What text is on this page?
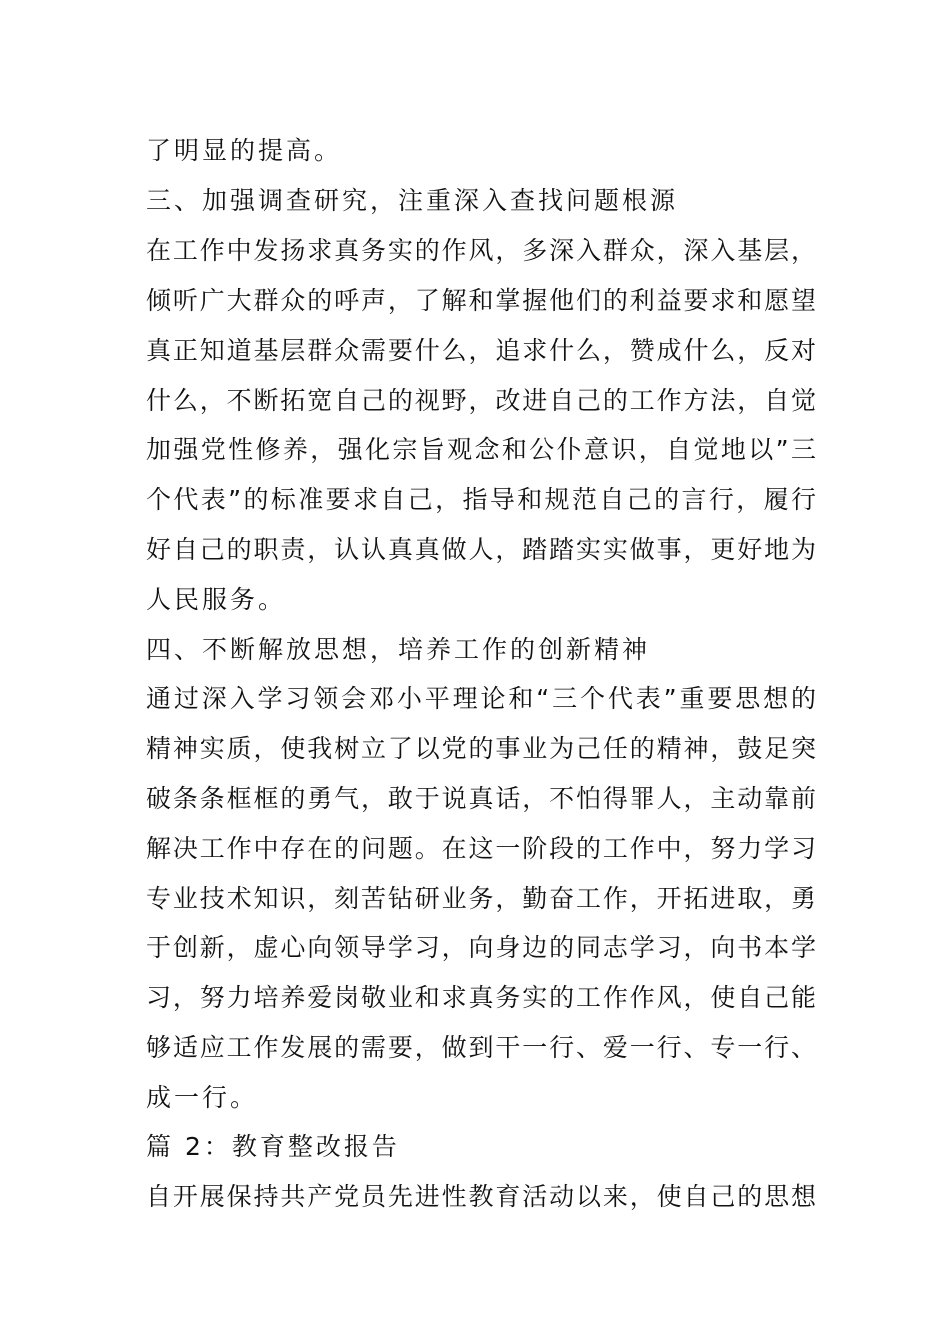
了明显的提高。
三、加强调查研究，注重深入查找问题根源
在工作中发扬求真务实的作风，多深入群众，深入基层，
倾听广大群众的呼声，了解和掌握他们的利益要求和愿望
真正知道基层群众需要什么，追求什么，赞成什么，反对
什么，不断拓宽自己的视野，改进自己的工作方法，自觉
加强党性修养，强化宗旨观念和公仆意识，自觉地以”三
个代表”的标准要求自己，指导和规范自己的言行，履行
好自己的职责，认认真真做人，踏踏实实做事，更好地为
人民服务。
四、不断解放思想，培养工作的创新精神
通过深入学习领会邓小平理论和“三个代表”重要思想的
精神实质，使我树立了以党的事业为己任的精神，鼓足突
破条条框框的勇气，敢于说真话，不怕得罪人，主动靠前
解决工作中存在的问题。在这一阶段的工作中，努力学习
专业技术知识，刻苦钻研业务，勤奋工作，开拓进取，勇
于创新，虚心向领导学习，向身边的同志学习，向书本学
习，努力培养爱岗敬业和求真务实的工作作风，使自己能
够适应工作发展的需要，做到干一行、爱一行、专一行、
成一行。
篇 2：教育整改报告
自开展保持共产党员先进性教育活动以来，使自己的思想
